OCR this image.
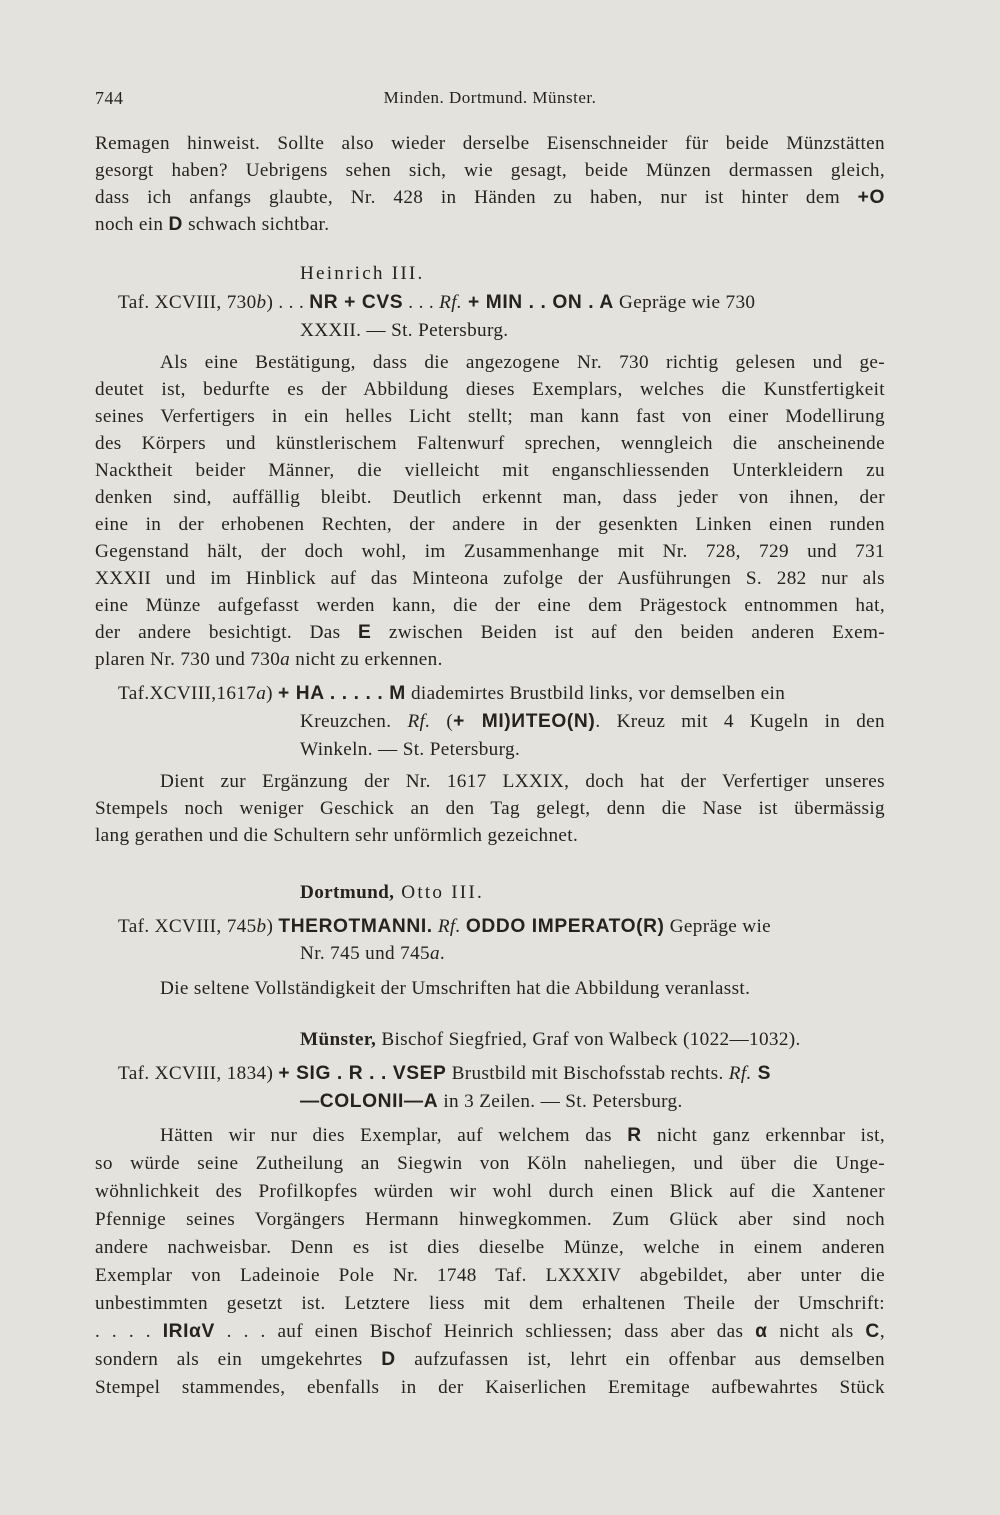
744	Minden. Dortmund. Münster.
Remagen hinweist. Sollte also wieder derselbe Eisenschneider für beide Münzstätten
gesorgt haben? Uebrigens sehen sich, wie gesagt, beide Münzen dermassen gleich,
dass ich anfangs glaubte, Nr. 428 in Händen zu haben, nur ist hinter dem +O
noch ein D schwach sichtbar.
Heinrich III.
Taf. XCVIII, 730b) . . . NR + CVS . . . Rf. + MIN . . ON . A Gepräge wie 730
XXXII. — St. Petersburg.
Als eine Bestätigung, dass die angezogene Nr. 730 richtig gelesen und ge-
deutet ist, bedurfte es der Abbildung dieses Exemplars, welches die Kunstfertigkeit
seines Verfertigers in ein helles Licht stellt; man kann fast von einer Modellirung
des Körpers und künstlerischem Faltenwurf sprechen, wenngleich die anscheinende
Nacktheit beider Männer, die vielleicht mit enganschliessenden Unterkleidern zu
denken sind, auffällig bleibt. Deutlich erkennt man, dass jeder von ihnen, der
eine in der erhobenen Rechten, der andere in der gesenkten Linken einen runden
Gegenstand hält, der doch wohl, im Zusammenhange mit Nr. 728, 729 und 731
XXXII und im Hinblick auf das Minteona zufolge der Ausführungen S. 282 nur als
eine Münze aufgefasst werden kann, die der eine dem Prägestock entnommen hat,
der andere besichtigt. Das E zwischen Beiden ist auf den beiden anderen Exem-
plaren Nr. 730 und 730a nicht zu erkennen.
Taf.XCVIII,1617a) + HA . . . . . M diademirtes Brustbild links, vor demselben ein
Kreuzchen. Rf. (+ MI)ИTEO(N). Kreuz mit 4 Kugeln in den
Winkeln. — St. Petersburg.
Dient zur Ergänzung der Nr. 1617 LXXIX, doch hat der Verfertiger unseres
Stempels noch weniger Geschick an den Tag gelegt, denn die Nase ist übermässig
lang gerathen und die Schultern sehr unförmlich gezeichnet.
Dortmund, Otto III.
Taf. XCVIII, 745b) THEROTMANNI. Rf. ODDO IMPERATO(R) Gepräge wie
Nr. 745 und 745a.
Die seltene Vollständigkeit der Umschriften hat die Abbildung veranlasst.
Münster, Bischof Siegfried, Graf von Walbeck (1022—1032).
Taf. XCVIII, 1834) + SIG . R . . VSEP Brustbild mit Bischofsstab rechts. Rf. S
—COLONII—A in 3 Zeilen. — St. Petersburg.
Hätten wir nur dies Exemplar, auf welchem das R nicht ganz erkennbar ist,
so würde seine Zutheilung an Siegwin von Köln naheliegen, und über die Unge-
wöhnlichkeit des Profilkopfes würden wir wohl durch einen Blick auf die Xantener
Pfennige seines Vorgängers Hermann hinwegkommen. Zum Glück aber sind noch
andere nachweisbar. Denn es ist dies dieselbe Münze, welche in einem anderen
Exemplar von Ladeinoie Pole Nr. 1748 Taf. LXXXIV abgebildet, aber unter die
unbestimmten gesetzt ist. Letztere liess mit dem erhaltenen Theile der Umschrift:
. . . . IRIαV . . . auf einen Bischof Heinrich schliessen; dass aber das α nicht als C,
sondern als ein umgekehrtes D aufzufassen ist, lehrt ein offenbar aus demselben
Stempel stammendes, ebenfalls in der Kaiserlichen Eremitage aufbewahrtes Stück
